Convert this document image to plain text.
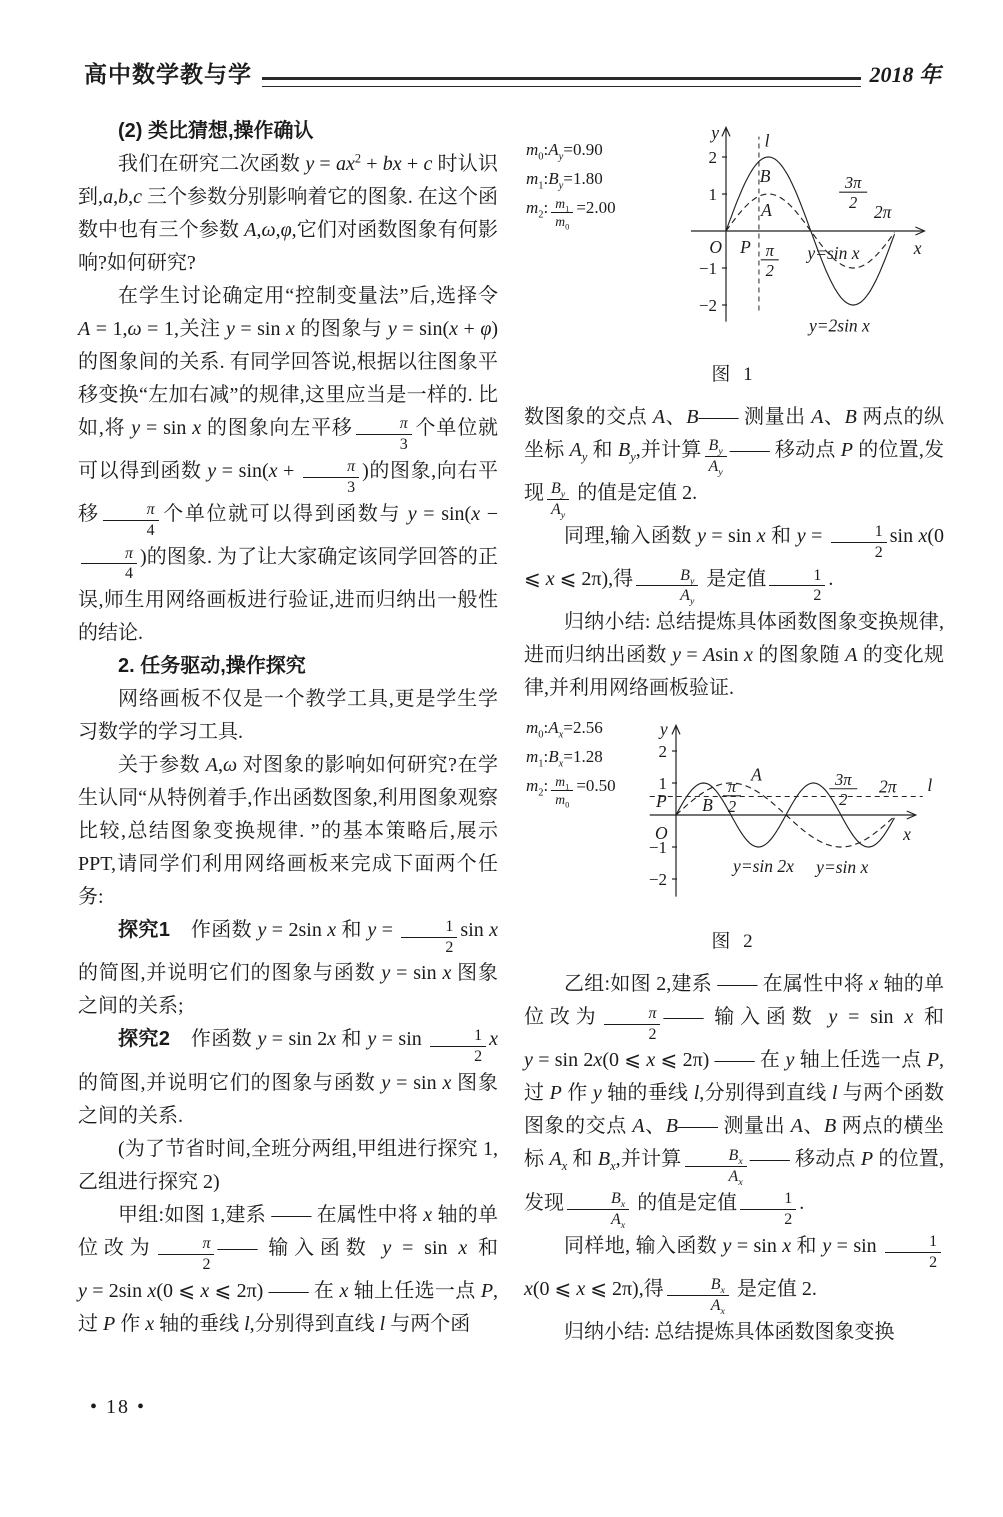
高中数学教与学	2018 年

(2) 类比猜想,操作确认

我们在研究二次函数 $y = ax^2$ + bx + c 时认识到,a,b,c 三个参数分别影响着它的图象. 在这个函数中也有三个参数 A,ω,φ,它们对函数图象有何影响?如何研究?

在学生讨论确定用“控制变量法”后,选择令 A = 1,ω = 1,关注 y = sin x 的图象与 y = sin(x + φ) 的图象间的关系. 有同学回答说,根据以往图象平移变换“左加右减”的规律,这里应当是一样的. 比如,将 y = sin x 的图象向左平移 $\frac{\pi}{3}$ 个单位就可以得到函数 $y = \sin(x + \frac{\pi}{3}$ )的图象,向右平移 $\frac{\pi}{4}$ 个单位就可以得到函数与 y = sin(x −
$\frac{\pi}{4}$ )的图象. 为了让大家确定该同学回答的正误,师生用网络画板进行验证,进而归纳出一般性的结论.

2. 任务驱动,操作探究

网络画板不仅是一个教学工具,更是学生学习数学的学习工具.

关于参数 A,ω 对图象的影响如何研究?在学生认同“从特例着手,作出函数图象,利用图象观察比较,总结图象变换规律. ”的基本策略后,展示 PPT,请同学们利用网络画板来完成下面两个任务:

探究1　作函数 y = 2sin x 和 $y = \frac{1}{2}$ sin x 的简图,并说明它们的图象与函数 y = sin x 图象之间的关系;

探究2　作函数 y = sin 2x 和 $y = \sin \frac{1}{2}$ x 的简图,并说明它们的图象与函数 y = sin x 图象之间的关系.

(为了节省时间,全班分两组,甲组进行探究 1,乙组进行探究 2)

甲组:如图 1,建系 —— 在属性中将 x 轴的单位改为 $\frac{\pi}{2}$ —— 输入函数 y = sin x 和 y = 2sin x(0 ⩽ x ⩽ 2π) —— 在 x 轴上任选一点 P,过 P 作 x 轴的垂线 l,分别得到直线 l 与两个函

$m_0:A_y=0.90$
$m_1:B_y=1.80$
$m_2$: $\frac{m_1}{m_0} =2.00$
2
1
−1
−2
y
x
l
O P
B
A	2π
y=sin x
y=2sin x
π
2
3π
2
图 1

数图象的交点 A、B—— 测量出 A、B 两点的纵坐标 $A_y$ 和 $B_y$,并计算 $\frac{B_y}{A_y}$ —— 移动点 P 的位置,发现 $\frac{B_y}{A_y}$ 的值是定值 2.

同理,输入函数 y = sin x 和 $y = \frac{1}{2}$ sin x(0 ⩽ x ⩽ 2π),得 $\frac{B_y}{A_y}$ 是定值 $\frac{1}{2}$ .

归纳小结: 总结提炼具体函数图象变换规律,进而归纳出函数 y = Asin x 的图象随 A 的变化规律,并利用网络画板验证.

$m_0:A_x=2.56$
$m_1:B_x=1.28$
$m_2$: $\frac{m_1}{m_0} =0.50$
2
1
−1
−2
y
x
l
P
O
B
A
2π
y=sin 2x y=sin x
π
2
3π
2
图 2

乙组:如图 2,建系 —— 在属性中将 x 轴的单位改为 $\frac{\pi}{2}$ —— 输入函数 y = sin x 和 y = sin 2x(0 ⩽ x ⩽ 2π) —— 在 y 轴上任选一点 P,过 P 作 y 轴的垂线 l,分别得到直线 l 与两个函数图象的交点 A、B—— 测量出 A、B 两点的横坐标 $A_x$ 和 $B_x$,并计算 $\frac{B_x}{A_x}$ —— 移动点 P 的位置,发现 $\frac{B_x}{A_x}$ 的值是定值 $\frac{1}{2}$ .

同样地, 输入函数 y = sin x 和 $y = \sin \frac{1}{2}$
x(0 ⩽ x ⩽ 2π),得 $\frac{B_x}{A_x}$ 是定值 2.

归纳小结: 总结提炼具体函数图象变换

• 18 •
